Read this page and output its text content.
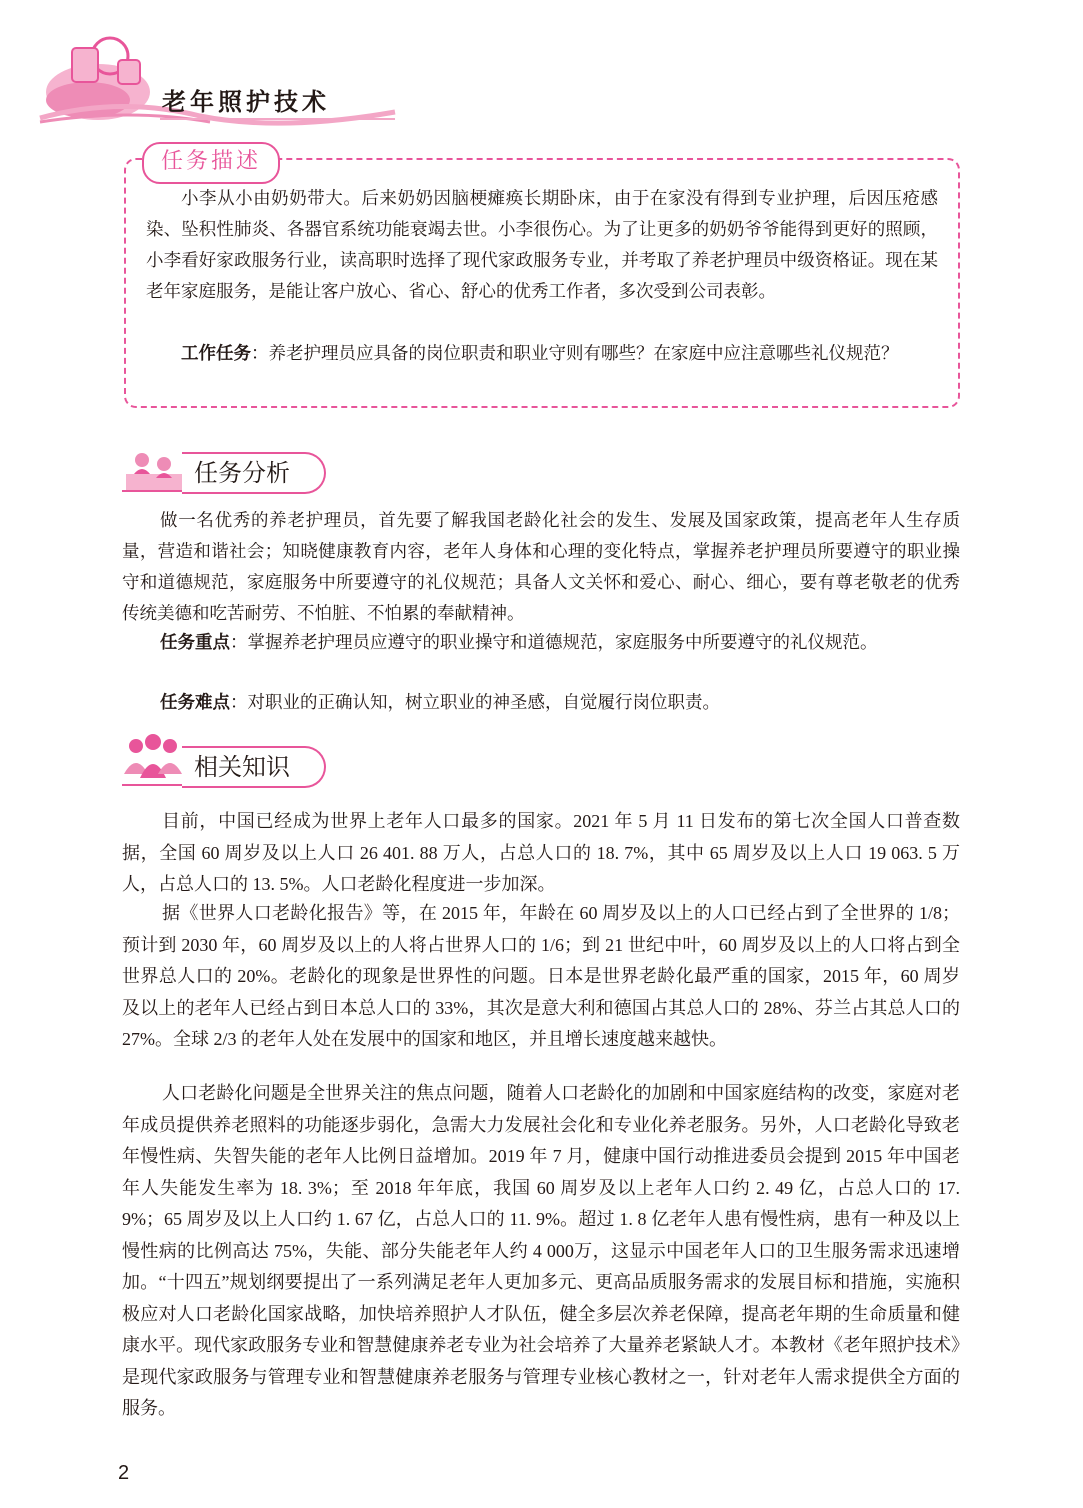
老年照护技术
任务描述
小李从小由奶奶带大。后来奶奶因脑梗瘫痪长期卧床，由于在家没有得到专业护理，后因压疮感染、坠积性肺炎、各器官系统功能衰竭去世。小李很伤心。为了让更多的奶奶爷爷能得到更好的照顾，小李看好家政服务行业，读高职时选择了现代家政服务专业，并考取了养老护理员中级资格证。现在某老年家庭服务，是能让客户放心、省心、舒心的优秀工作者，多次受到公司表彰。
工作任务：养老护理员应具备的岗位职责和职业守则有哪些？在家庭中应注意哪些礼仪规范？
任务分析
做一名优秀的养老护理员，首先要了解我国老龄化社会的发生、发展及国家政策，提高老年人生存质量，营造和谐社会；知晓健康教育内容，老年人身体和心理的变化特点，掌握养老护理员所要遵守的职业操守和道德规范，家庭服务中所要遵守的礼仪规范；具备人文关怀和爱心、耐心、细心，要有尊老敬老的优秀传统美德和吃苦耐劳、不怕脏、不怕累的奉献精神。
任务重点：掌握养老护理员应遵守的职业操守和道德规范，家庭服务中所要遵守的礼仪规范。
任务难点：对职业的正确认知，树立职业的神圣感，自觉履行岗位职责。
相关知识
目前，中国已经成为世界上老年人口最多的国家。2021 年 5 月 11 日发布的第七次全国人口普查数据，全国 60 周岁及以上人口 26 401. 88 万人，占总人口的 18. 7%，其中 65 周岁及以上人口 19 063. 5 万人，占总人口的 13. 5%。人口老龄化程度进一步加深。
据《世界人口老龄化报告》等，在 2015 年，年龄在 60 周岁及以上的人口已经占到了全世界的 1/8；预计到 2030 年，60 周岁及以上的人将占世界人口的 1/6；到 21 世纪中叶，60 周岁及以上的人口将占到全世界总人口的 20%。老龄化的现象是世界性的问题。日本是世界老龄化最严重的国家，2015 年，60 周岁及以上的老年人已经占到日本总人口的 33%，其次是意大利和德国占其总人口的 28%、芬兰占其总人口的 27%。全球 2/3 的老年人处在发展中的国家和地区，并且增长速度越来越快。
人口老龄化问题是全世界关注的焦点问题，随着人口老龄化的加剧和中国家庭结构的改变，家庭对老年成员提供养老照料的功能逐步弱化，急需大力发展社会化和专业化养老服务。另外，人口老龄化导致老年慢性病、失智失能的老年人比例日益增加。2019 年 7 月，健康中国行动推进委员会提到 2015 年中国老年人失能发生率为 18. 3%；至 2018 年年底，我国 60 周岁及以上老年人口约 2. 49 亿，占总人口的 17. 9%；65 周岁及以上人口约 1. 67 亿，占总人口的 11. 9%。超过 1. 8 亿老年人患有慢性病，患有一种及以上慢性病的比例高达 75%，失能、部分失能老年人约 4 000万，这显示中国老年人口的卫生服务需求迅速增加。“十四五”规划纲要提出了一系列满足老年人更加多元、更高品质服务需求的发展目标和措施，实施积极应对人口老龄化国家战略，加快培养照护人才队伍，健全多层次养老保障，提高老年期的生命质量和健康水平。现代家政服务专业和智慧健康养老专业为社会培养了大量养老紧缺人才。本教材《老年照护技术》是现代家政服务与管理专业和智慧健康养老服务与管理专业核心教材之一，针对老年人需求提供全方面的服务。
2
